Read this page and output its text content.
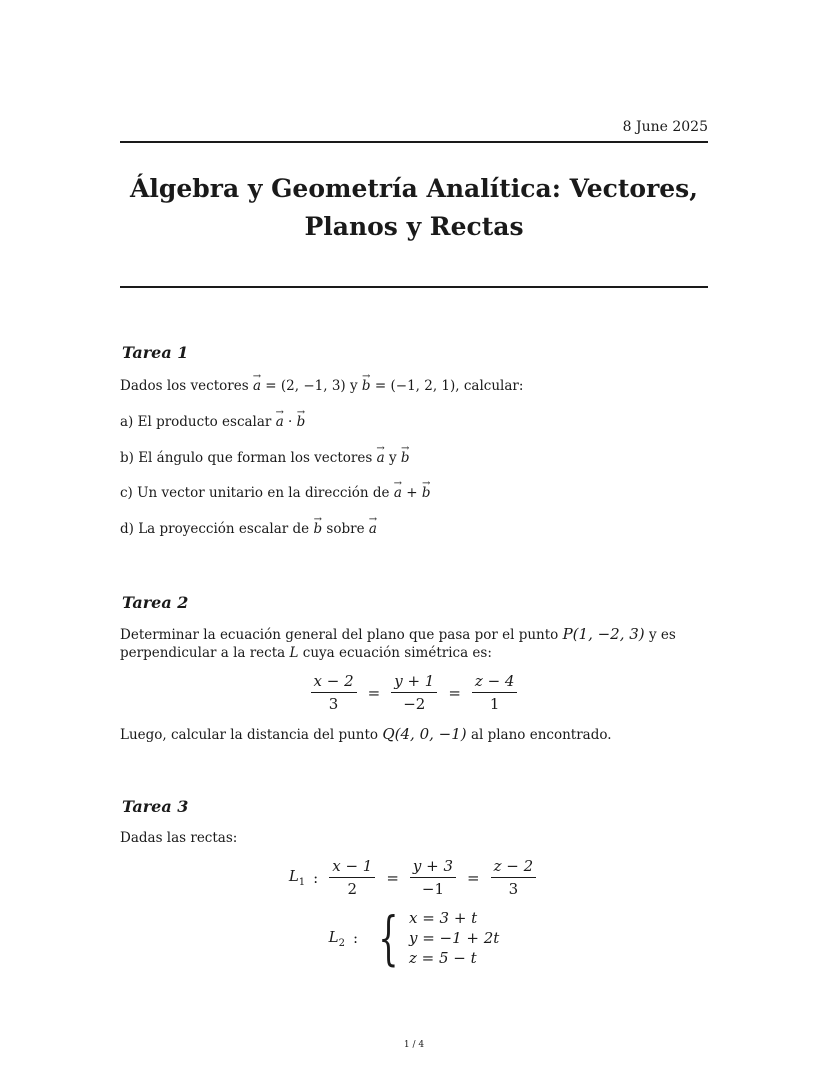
8 June 2025
Álgebra y Geometría Analítica: Vectores,
Planos y Rectas
Tarea 1
Dados los vectores → a = (2, −1, 3) y → b = (−1, 2, 1), calcular:
a) El producto escalar → a · → b
b) El ángulo que forman los vectores → a y → b
c) Un vector unitario en la dirección de → a + → b
d) La proyección escalar de → b sobre → a
Tarea 2
Determinar la ecuación general del plano que pasa por el punto P(1, −2, 3) y es
perpendicular a la recta L cuya ecuación simétrica es:
$\frac{x - 2}{3} = \frac{y + 1}{-2} = \frac{z - 4}{1}$
Luego, calcular la distancia del punto Q(4, 0, −1) al plano encontrado.
Tarea 3
Dadas las rectas:
$L_1$ : $\frac{x - 1}{2} = \frac{y + 3}{-1} = \frac{z - 2}{3}$
$L_2$ : { x = 3 + t
y = −1 + 2t
z = 5 − t
1 / 4
